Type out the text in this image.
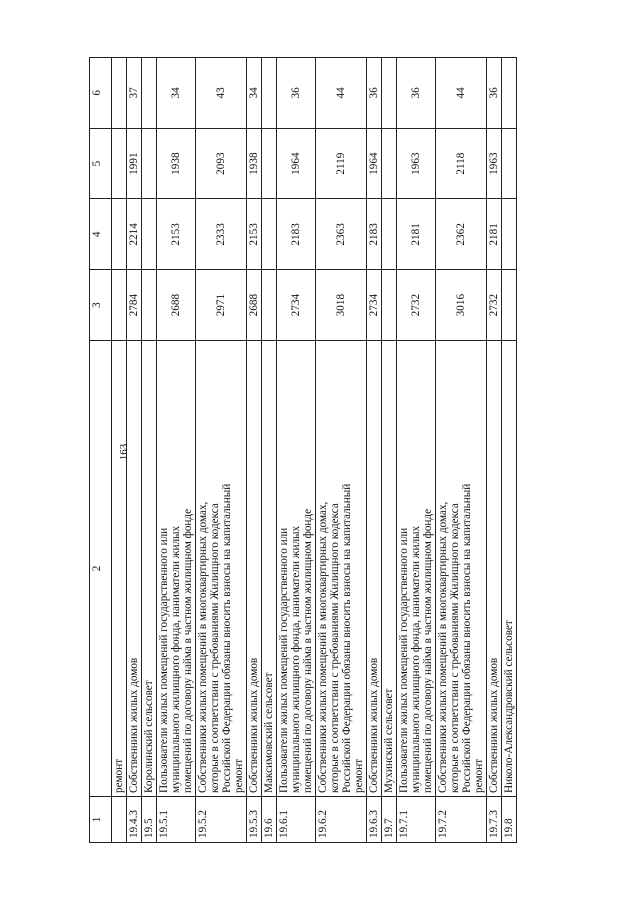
163
1	2	3	4	5	6

	ремонт				

19.4.3	Собственники жилых домов	2784	2214	1991	37
19.5	Королинский сельсовет				

19.5.1	Пользователи жилых помещений государственного или муниципального жилищного фонда, наниматели жилых помещений по договору найма в частном жилищном фонде	2688	2153	1938	34
19.5.2	Собственники жилых помещений в многоквартирных домах, которые в соответствии с требованиями Жилищного кодекса Российской Федерации обязаны вносить взносы на капитальный ремонт	2971	2333	2093	43
19.5.3	Собственники жилых домов	2688	2153	1938	34
19.6	Максимовский сельсовет				

19.6.1	Пользователи жилых помещений государственного или муниципального жилищного фонда, наниматели жилых помещений по договору найма в частном жилищном фонде	2734	2183	1964	36
19.6.2	Собственники жилых помещений в многоквартирных домах, которые в соответствии с требованиями Жилищного кодекса Российской Федерации обязаны вносить взносы на капитальный ремонт	3018	2363	2119	44
19.6.3	Собственники жилых домов	2734	2183	1964	36
19.7	Мухинский сельсовет				

19.7.1	Пользователи жилых помещений государственного или муниципального жилищного фонда, наниматели жилых помещений по договору найма в частном жилищном фонде	2732	2181	1963	36
19.7.2	Собственники жилых помещений в многоквартирных домах, которые в соответствии с требованиями Жилищного кодекса Российской Федерации обязаны вносить взносы на капитальный ремонт	3016	2362	2118	44
19.7.3	Собственники жилых домов	2732	2181	1963	36
19.8	Николо-Александровский сельсовет				
